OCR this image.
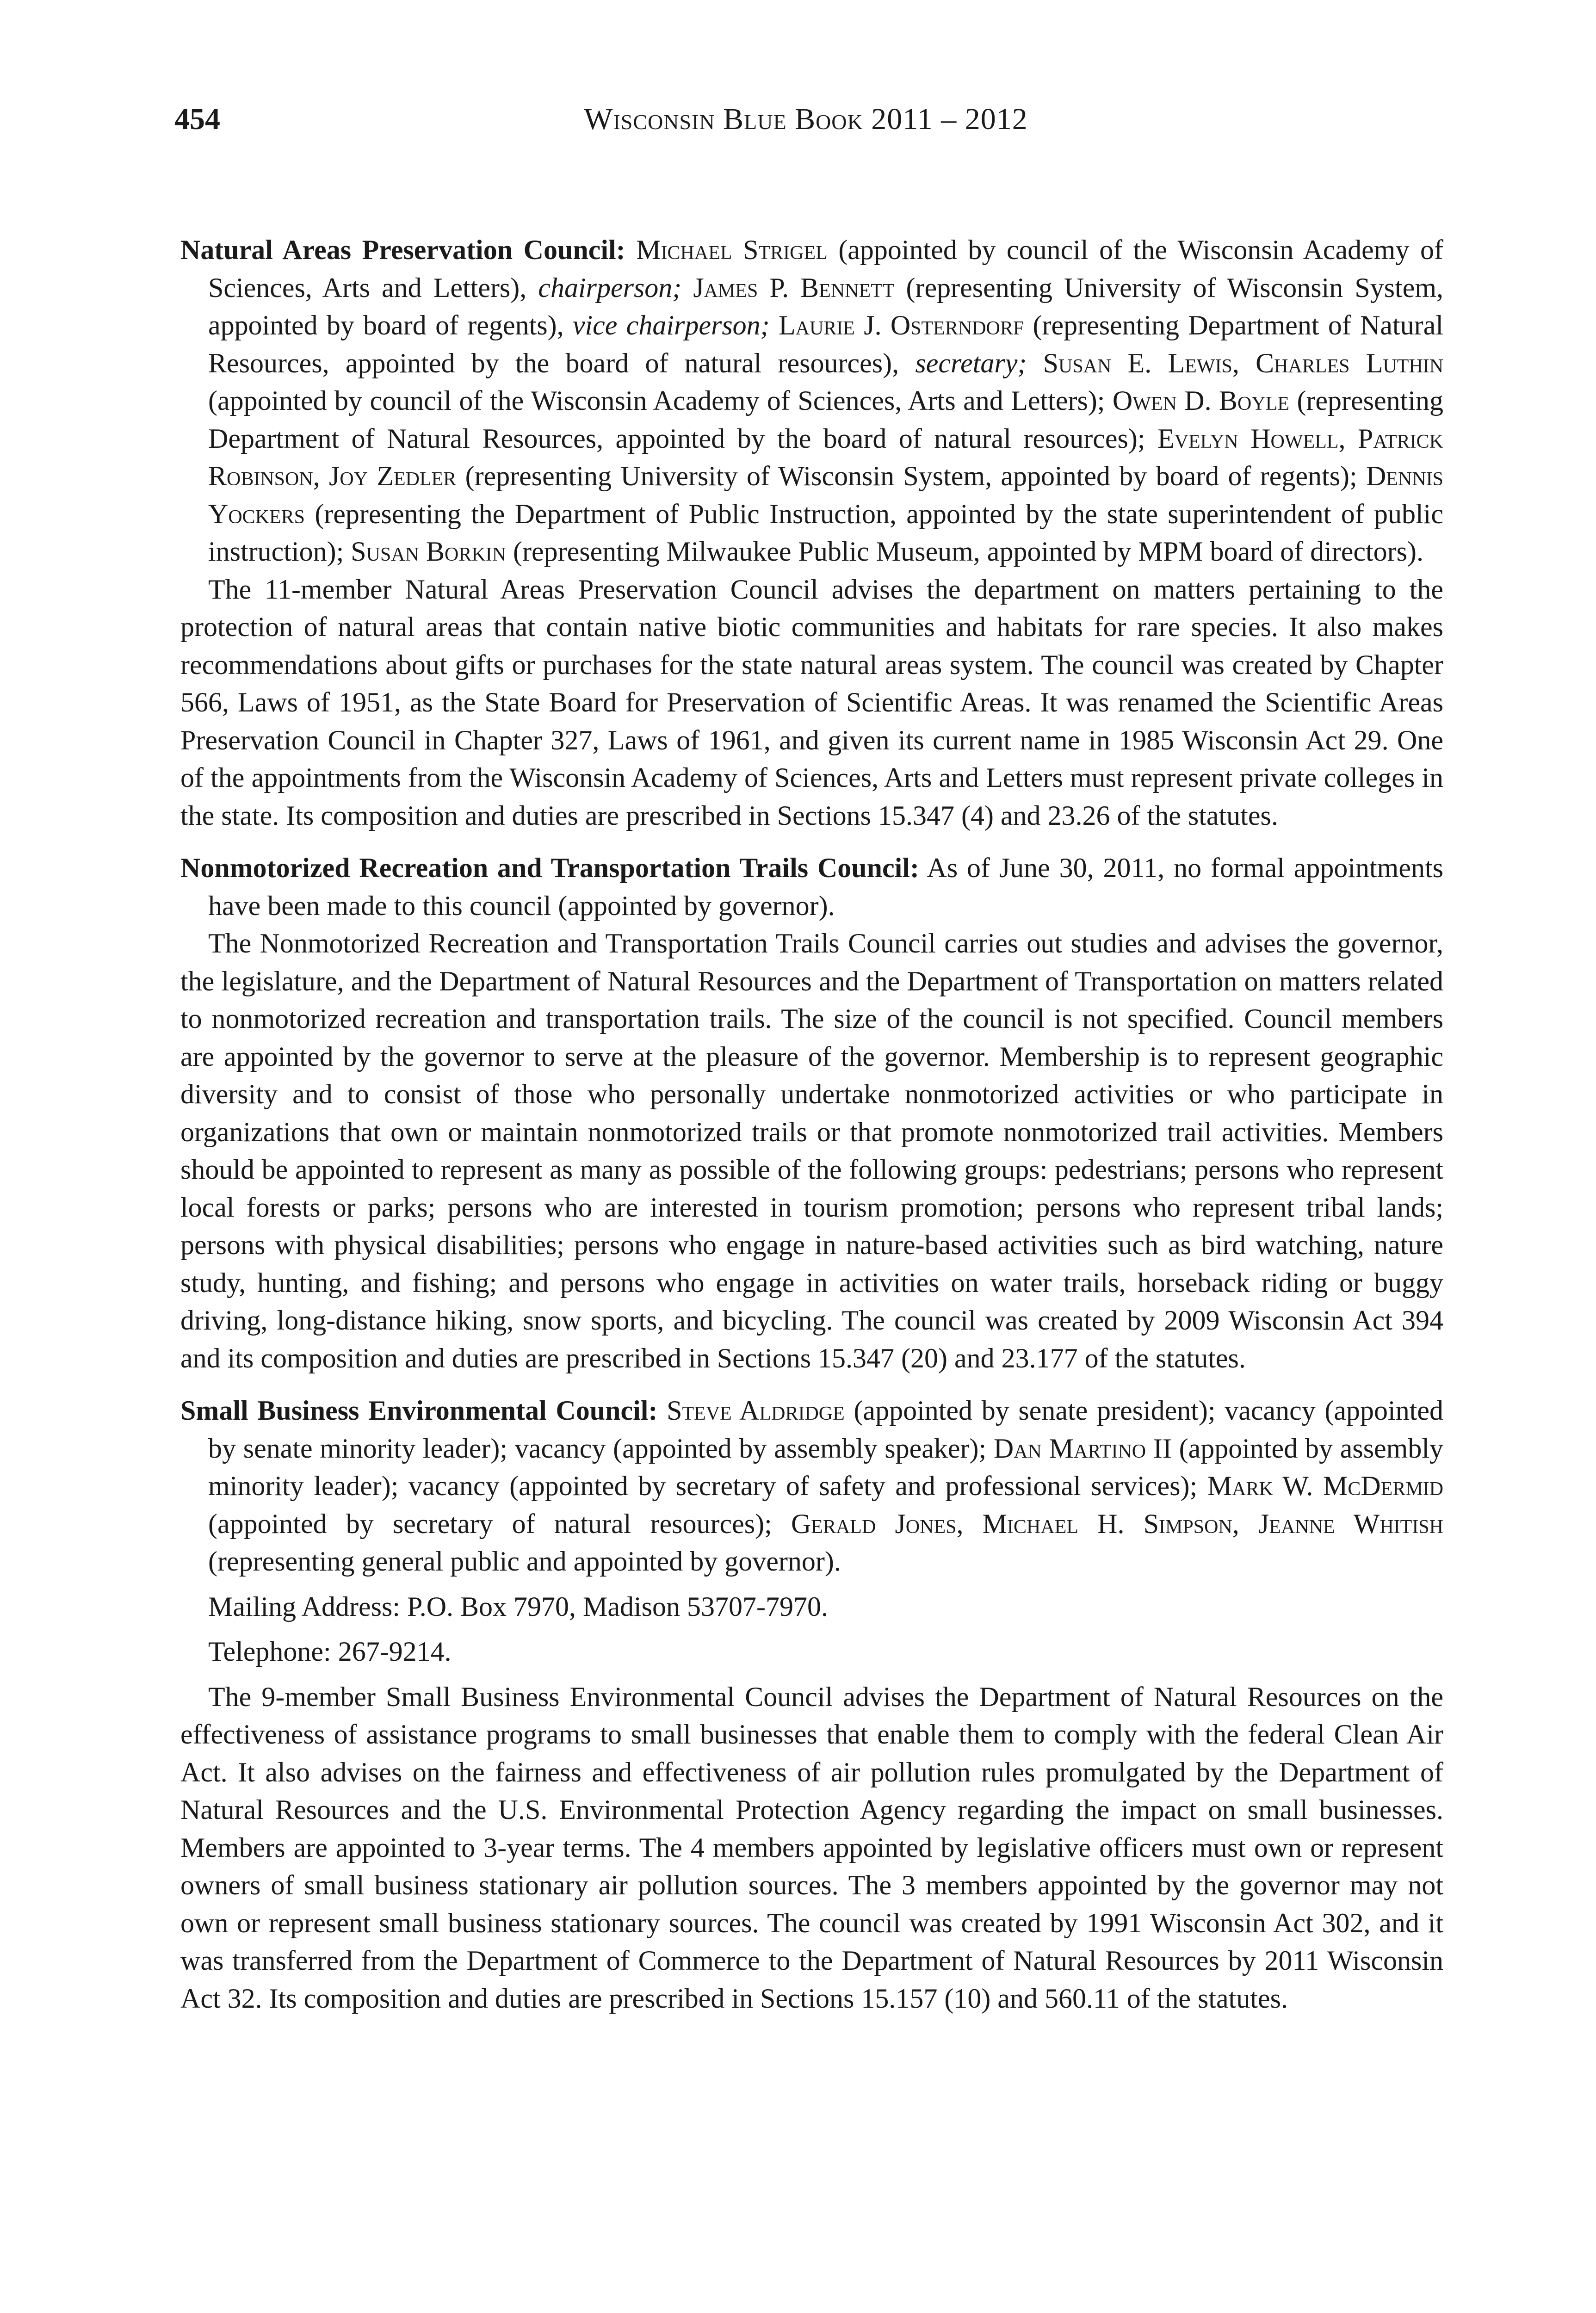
454	Wisconsin Blue Book 2011 – 2012

Natural Areas Preservation Council: Michael Strigel (appointed by council of the Wisconsin Academy of Sciences, Arts and Letters), chairperson; James P. Bennett (representing University of Wisconsin System, appointed by board of regents), vice chairperson; Laurie J. Osterndorf (representing Department of Natural Resources, appointed by the board of natural resources), secretary; Susan E. Lewis, Charles Luthin (appointed by council of the Wisconsin Academy of Sciences, Arts and Letters); Owen D. Boyle (representing Department of Natural Resources, appointed by the board of natural resources); Evelyn Howell, Patrick Robinson, Joy Zedler (representing University of Wisconsin System, appointed by board of regents); Dennis Yockers (representing the Department of Public Instruction, appointed by the state superintendent of public instruction); Susan Borkin (representing Milwaukee Public Museum, appointed by MPM board of directors).

The 11-member Natural Areas Preservation Council advises the department on matters pertaining to the protection of natural areas that contain native biotic communities and habitats for rare species. It also makes recommendations about gifts or purchases for the state natural areas system. The council was created by Chapter 566, Laws of 1951, as the State Board for Preservation of Scientific Areas. It was renamed the Scientific Areas Preservation Council in Chapter 327, Laws of 1961, and given its current name in 1985 Wisconsin Act 29. One of the appointments from the Wisconsin Academy of Sciences, Arts and Letters must represent private colleges in the state. Its composition and duties are prescribed in Sections 15.347 (4) and 23.26 of the statutes.

Nonmotorized Recreation and Transportation Trails Council: As of June 30, 2011, no formal appointments have been made to this council (appointed by governor).

The Nonmotorized Recreation and Transportation Trails Council carries out studies and advises the governor, the legislature, and the Department of Natural Resources and the Department of Transportation on matters related to nonmotorized recreation and transportation trails. The size of the council is not specified. Council members are appointed by the governor to serve at the pleasure of the governor. Membership is to represent geographic diversity and to consist of those who personally undertake nonmotorized activities or who participate in organizations that own or maintain nonmotorized trails or that promote nonmotorized trail activities. Members should be appointed to represent as many as possible of the following groups: pedestrians; persons who represent local forests or parks; persons who are interested in tourism promotion; persons who represent tribal lands; persons with physical disabilities; persons who engage in nature-based activities such as bird watching, nature study, hunting, and fishing; and persons who engage in activities on water trails, horseback riding or buggy driving, long-distance hiking, snow sports, and bicycling. The council was created by 2009 Wisconsin Act 394 and its composition and duties are prescribed in Sections 15.347 (20) and 23.177 of the statutes.

Small Business Environmental Council: Steve Aldridge (appointed by senate president); vacancy (appointed by senate minority leader); vacancy (appointed by assembly speaker); Dan Martino II (appointed by assembly minority leader); vacancy (appointed by secretary of safety and professional services); Mark W. McDermid (appointed by secretary of natural resources); Gerald Jones, Michael H. Simpson, Jeanne Whitish (representing general public and appointed by governor).

Mailing Address: P.O. Box 7970, Madison 53707-7970.

Telephone: 267-9214.

The 9-member Small Business Environmental Council advises the Department of Natural Resources on the effectiveness of assistance programs to small businesses that enable them to comply with the federal Clean Air Act. It also advises on the fairness and effectiveness of air pollution rules promulgated by the Department of Natural Resources and the U.S. Environmental Protection Agency regarding the impact on small businesses. Members are appointed to 3-year terms. The 4 members appointed by legislative officers must own or represent owners of small business stationary air pollution sources. The 3 members appointed by the governor may not own or represent small business stationary sources. The council was created by 1991 Wisconsin Act 302, and it was transferred from the Department of Commerce to the Department of Natural Resources by 2011 Wisconsin Act 32. Its composition and duties are prescribed in Sections 15.157 (10) and 560.11 of the statutes.
